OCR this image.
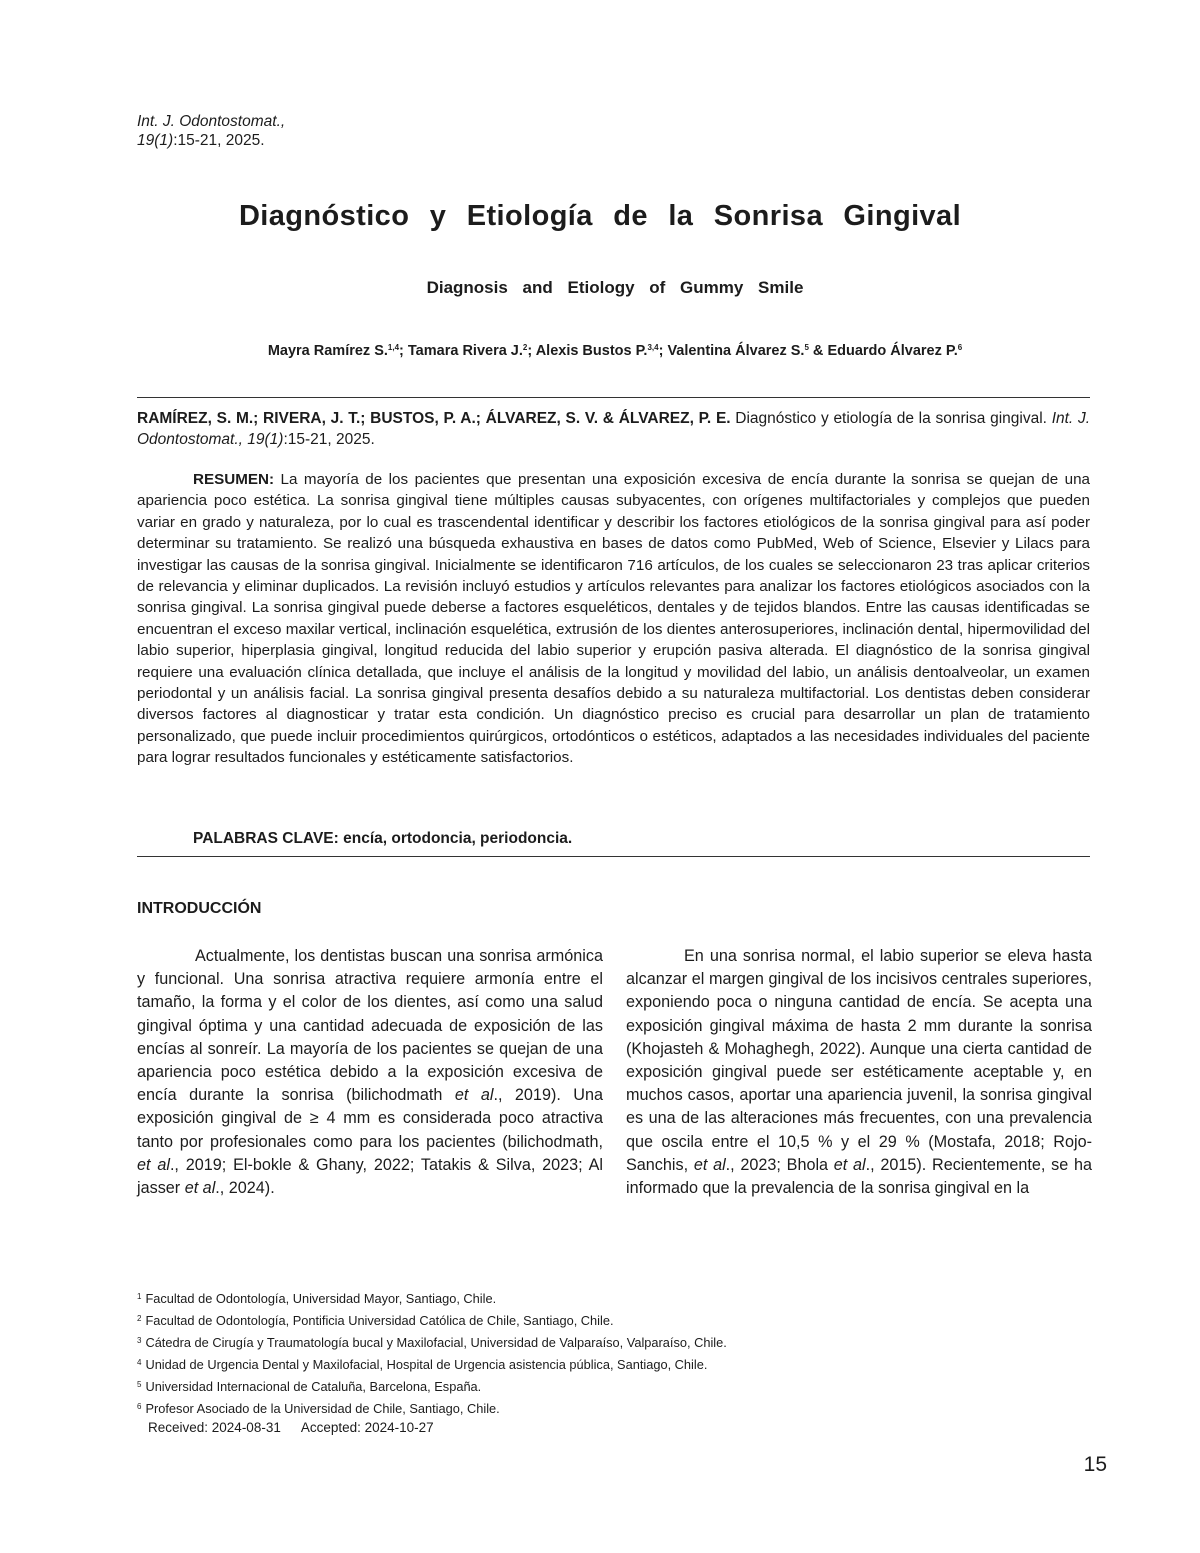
Int. J. Odontostomat.,
19(1):15-21, 2025.
Diagnóstico y Etiología de la Sonrisa Gingival
Diagnosis and Etiology of Gummy Smile
Mayra Ramírez S.$^{1,4}$; Tamara Rivera J.$^2$; Alexis Bustos P.$^{3,4}$; Valentina Álvarez S.$^5$ & Eduardo Álvarez P.$^6$
RAMÍREZ, S. M.; RIVERA, J. T.; BUSTOS, P. A.; ÁLVAREZ, S. V. & ÁLVAREZ, P. E. Diagnóstico y etiología de la sonrisa gingival. Int. J. Odontostomat., 19(1):15-21, 2025.
RESUMEN: La mayoría de los pacientes que presentan una exposición excesiva de encía durante la sonrisa se quejan de una apariencia poco estética. La sonrisa gingival tiene múltiples causas subyacentes, con orígenes multifactoriales y complejos que pueden variar en grado y naturaleza, por lo cual es trascendental identificar y describir los factores etiológicos de la sonrisa gingival para así poder determinar su tratamiento. Se realizó una búsqueda exhaustiva en bases de datos como PubMed, Web of Science, Elsevier y Lilacs para investigar las causas de la sonrisa gingival. Inicialmente se identificaron 716 artículos, de los cuales se seleccionaron 23 tras aplicar criterios de relevancia y eliminar duplicados. La revisión incluyó estudios y artículos relevantes para analizar los factores etiológicos asociados con la sonrisa gingival. La sonrisa gingival puede deberse a factores esqueléticos, dentales y de tejidos blandos. Entre las causas identificadas se encuentran el exceso maxilar vertical, inclinación esquelética, extrusión de los dientes anterosuperiores, inclinación dental, hipermovilidad del labio superior, hiperplasia gingival, longitud reducida del labio superior y erupción pasiva alterada. El diagnóstico de la sonrisa gingival requiere una evaluación clínica detallada, que incluye el análisis de la longitud y movilidad del labio, un análisis dentoalveolar, un examen periodontal y un análisis facial. La sonrisa gingival presenta desafíos debido a su naturaleza multifactorial. Los dentistas deben considerar diversos factores al diagnosticar y tratar esta condición. Un diagnóstico preciso es crucial para desarrollar un plan de tratamiento personalizado, que puede incluir procedimientos quirúrgicos, ortodónticos o estéticos, adaptados a las necesidades individuales del paciente para lograr resultados funcionales y estéticamente satisfactorios.
PALABRAS CLAVE: encía, ortodoncia, periodoncia.
INTRODUCCIÓN
Actualmente, los dentistas buscan una sonrisa armónica y funcional. Una sonrisa atractiva requiere armonía entre el tamaño, la forma y el color de los dientes, así como una salud gingival óptima y una cantidad adecuada de exposición de las encías al sonreír. La mayoría de los pacientes se quejan de una apariencia poco estética debido a la exposición excesiva de encía durante la sonrisa (bilichodmath et al., 2019). Una exposición gingival de ≥ 4 mm es considerada poco atractiva tanto por profesionales como para los pacientes (bilichodmath, et al., 2019; El-bokle & Ghany, 2022; Tatakis & Silva, 2023; Al jasser et al., 2024).
En una sonrisa normal, el labio superior se eleva hasta alcanzar el margen gingival de los incisivos centrales superiores, exponiendo poca o ninguna cantidad de encía. Se acepta una exposición gingival máxima de hasta 2 mm durante la sonrisa (Khojasteh & Mohaghegh, 2022). Aunque una cierta cantidad de exposición gingival puede ser estéticamente aceptable y, en muchos casos, aportar una apariencia juvenil, la sonrisa gingival es una de las alteraciones más frecuentes, con una prevalencia que oscila entre el 10,5 % y el 29 % (Mostafa, 2018; Rojo-Sanchis, et al., 2023; Bhola et al., 2015). Recientemente, se ha informado que la prevalencia de la sonrisa gingival en la
$^1$ Facultad de Odontología, Universidad Mayor, Santiago, Chile.
$^2$ Facultad de Odontología, Pontificia Universidad Católica de Chile, Santiago, Chile.
$^3$ Cátedra de Cirugía y Traumatología bucal y Maxilofacial, Universidad de Valparaíso, Valparaíso, Chile.
$^4$ Unidad de Urgencia Dental y Maxilofacial, Hospital de Urgencia asistencia pública, Santiago, Chile.
$^5$ Universidad Internacional de Cataluña, Barcelona, España.
$^6$ Profesor Asociado de la Universidad de Chile, Santiago, Chile.
Received: 2024-08-31 Accepted: 2024-10-27
15
